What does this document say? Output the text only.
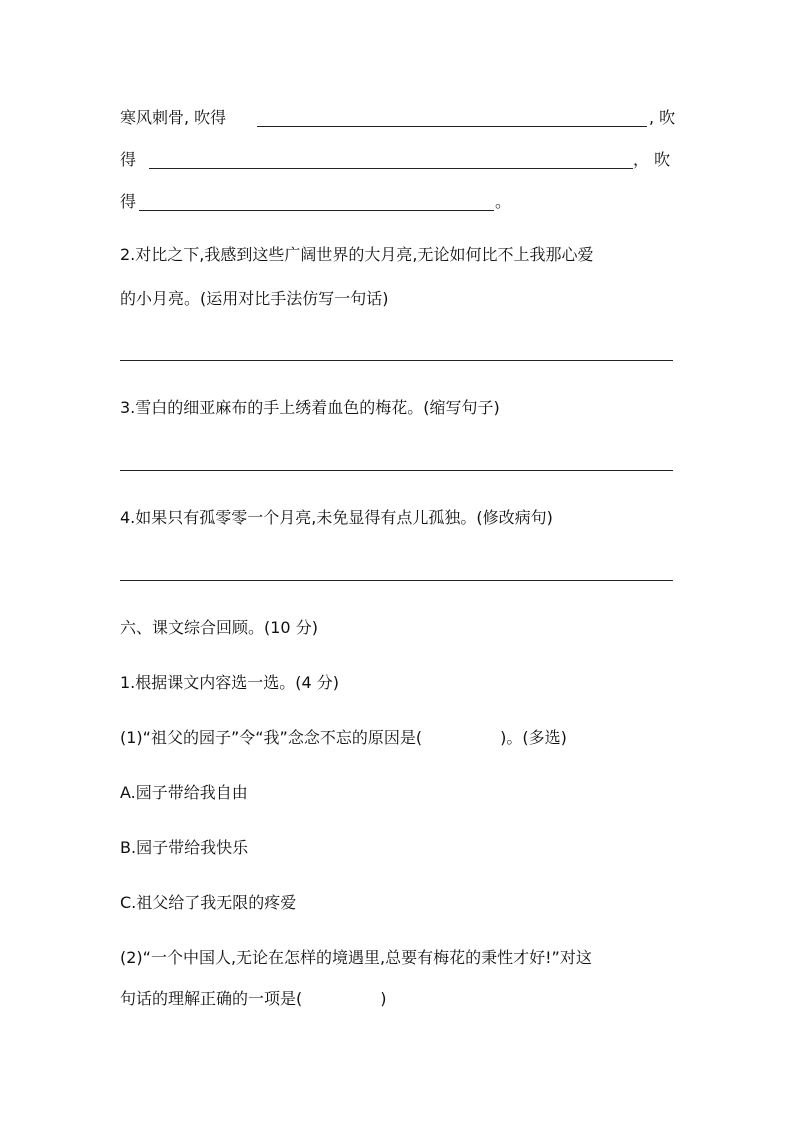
寒风刺骨, 吹得	, 吹
得	， 吹
得	。
2.对比之下,我感到这些广阔世界的大月亮,无论如何比不上我那心爱
的小月亮。(运用对比手法仿写一句话)
3.雪白的细亚麻布的手上绣着血色的梅花。(缩写句子)
4.如果只有孤零零一个月亮,未免显得有点儿孤独。(修改病句)
六、课文综合回顾。(10 分)
1.根据课文内容选一选。(4 分)
(1)“祖父的园子”令“我”念念不忘的原因是(	)。(多选)
A.园子带给我自由
B.园子带给我快乐
C.祖父给了我无限的疼爱
(2)“一个中国人,无论在怎样的境遇里,总要有梅花的秉性才好!”对这
句话的理解正确的一项是(	)
